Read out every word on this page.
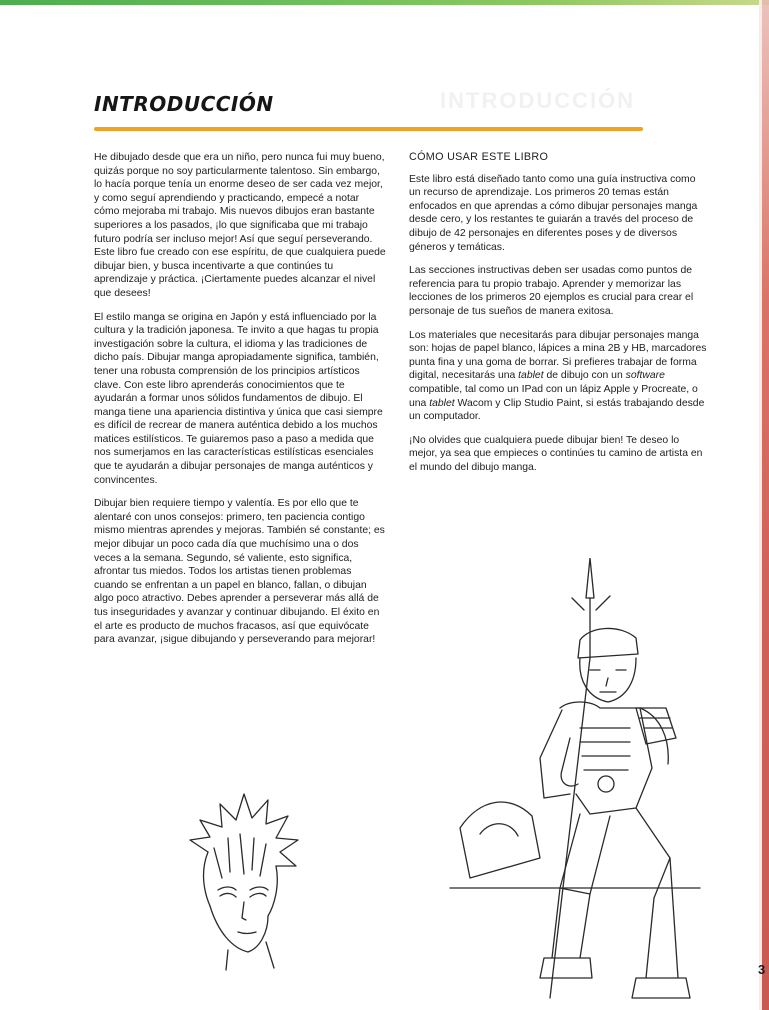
INTRODUCCIÓN
INTRODUCCIÓN

He dibujado desde que era un niño, pero nunca fui muy bueno, quizás porque no soy particularmente talentoso. Sin embargo, lo hacía porque tenía un enorme deseo de ser cada vez mejor, y como seguí aprendiendo y practicando, empecé a notar cómo mejoraba mi trabajo. Mis nuevos dibujos eran bastante superiores a los pasados, ¡lo que significaba que mi trabajo futuro podría ser incluso mejor! Así que seguí perseverando. Este libro fue creado con ese espíritu, de que cualquiera puede dibujar bien, y busca incentivarte a que continúes tu aprendizaje y práctica. ¡Ciertamente puedes alcanzar el nivel que desees!

El estilo manga se origina en Japón y está influenciado por la cultura y la tradición japonesa. Te invito a que hagas tu propia investigación sobre la cultura, el idioma y las tradiciones de dicho país. Dibujar manga apropiadamente significa, también, tener una robusta comprensión de los principios artísticos clave. Con este libro aprenderás conocimientos que te ayudarán a formar unos sólidos fundamentos de dibujo. El manga tiene una apariencia distintiva y única que casi siempre es difícil de recrear de manera auténtica debido a los muchos matices estilísticos. Te guiaremos paso a paso a medida que nos sumerjamos en las características estilísticas esenciales que te ayudarán a dibujar personajes de manga auténticos y convincentes.

Dibujar bien requiere tiempo y valentía. Es por ello que te alentaré con unos consejos: primero, ten paciencia contigo mismo mientras aprendes y mejoras. También sé constante; es mejor dibujar un poco cada día que muchísimo una o dos veces a la semana. Segundo, sé valiente, esto significa, afrontar tus miedos. Todos los artistas tienen problemas cuando se enfrentan a un papel en blanco, fallan, o dibujan algo poco atractivo. Debes aprender a perseverar más allá de tus inseguridades y avanzar y continuar dibujando. El éxito en el arte es producto de muchos fracasos, así que equivócate para avanzar, ¡sigue dibujando y perseverando para mejorar!

CÓMO USAR ESTE LIBRO

Este libro está diseñado tanto como una guía instructiva como un recurso de aprendizaje. Los primeros 20 temas están enfocados en que aprendas a cómo dibujar personajes manga desde cero, y los restantes te guiarán a través del proceso de dibujo de 42 personajes en diferentes poses y de diversos géneros y temáticas.

Las secciones instructivas deben ser usadas como puntos de referencia para tu propio trabajo. Aprender y memorizar las lecciones de los primeros 20 ejemplos es crucial para crear el personaje de tus sueños de manera exitosa.

Los materiales que necesitarás para dibujar personajes manga son: hojas de papel blanco, lápices a mina 2B y HB, marcadores punta fina y una goma de borrar. Si prefieres trabajar de forma digital, necesitarás una tablet de dibujo con un software compatible, tal como un IPad con un lápiz Apple y Procreate, o una tablet Wacom y Clip Studio Paint, si estás trabajando desde un computador.

¡No olvides que cualquiera puede dibujar bien! Te deseo lo mejor, ya sea que empieces o continúes tu camino de artista en el mundo del dibujo manga.

3
